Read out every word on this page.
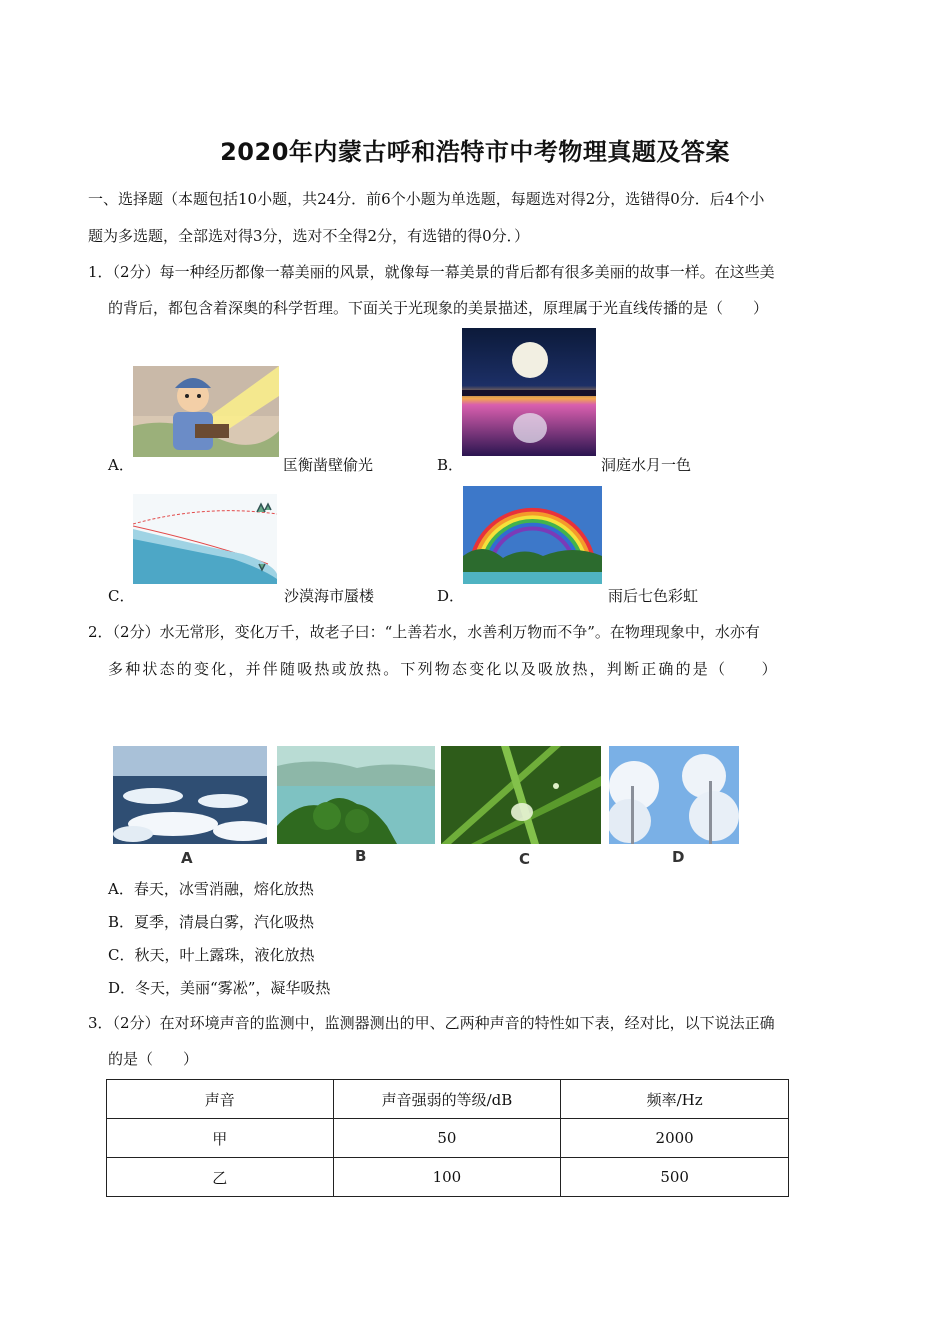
2020年内蒙古呼和浩特市中考物理真题及答案
一、选择题（本题包括10小题，共24分．前6个小题为单选题，每题选对得2分，选错得0分．后4个小
题为多选题，全部选对得3分，选对不全得2分，有选错的得0分．）
1．（2分）每一种经历都像一幕美丽的风景，就像每一幕美景的背后都有很多美丽的故事一样。在这些美
的背后，都包含着深奥的科学哲理。下面关于光现象的美景描述，原理属于光直线传播的是（　　）
A．	匡衡凿壁偷光	B．	洞庭水月一色
C．	沙漠海市蜃楼	D．	雨后七色彩虹
2．（2分）水无常形，变化万千，故老子曰：“上善若水，水善利万物而不争”。在物理现象中，水亦有
多种状态的变化，并伴随吸热或放热。下列物态变化以及吸放热，判断正确的是（　　）
A	B	C	D
A．春天，冰雪消融，熔化放热
B．夏季，清晨白雾，汽化吸热
C．秋天，叶上露珠，液化放热
D．冬天，美丽“雾凇”，凝华吸热
3．（2分）在对环境声音的监测中，监测器测出的甲、乙两种声音的特性如下表，经对比，以下说法正确
的是（　　）
声音	声音强弱的等级/dB	频率/Hz
甲	50	2000
乙	100	500
